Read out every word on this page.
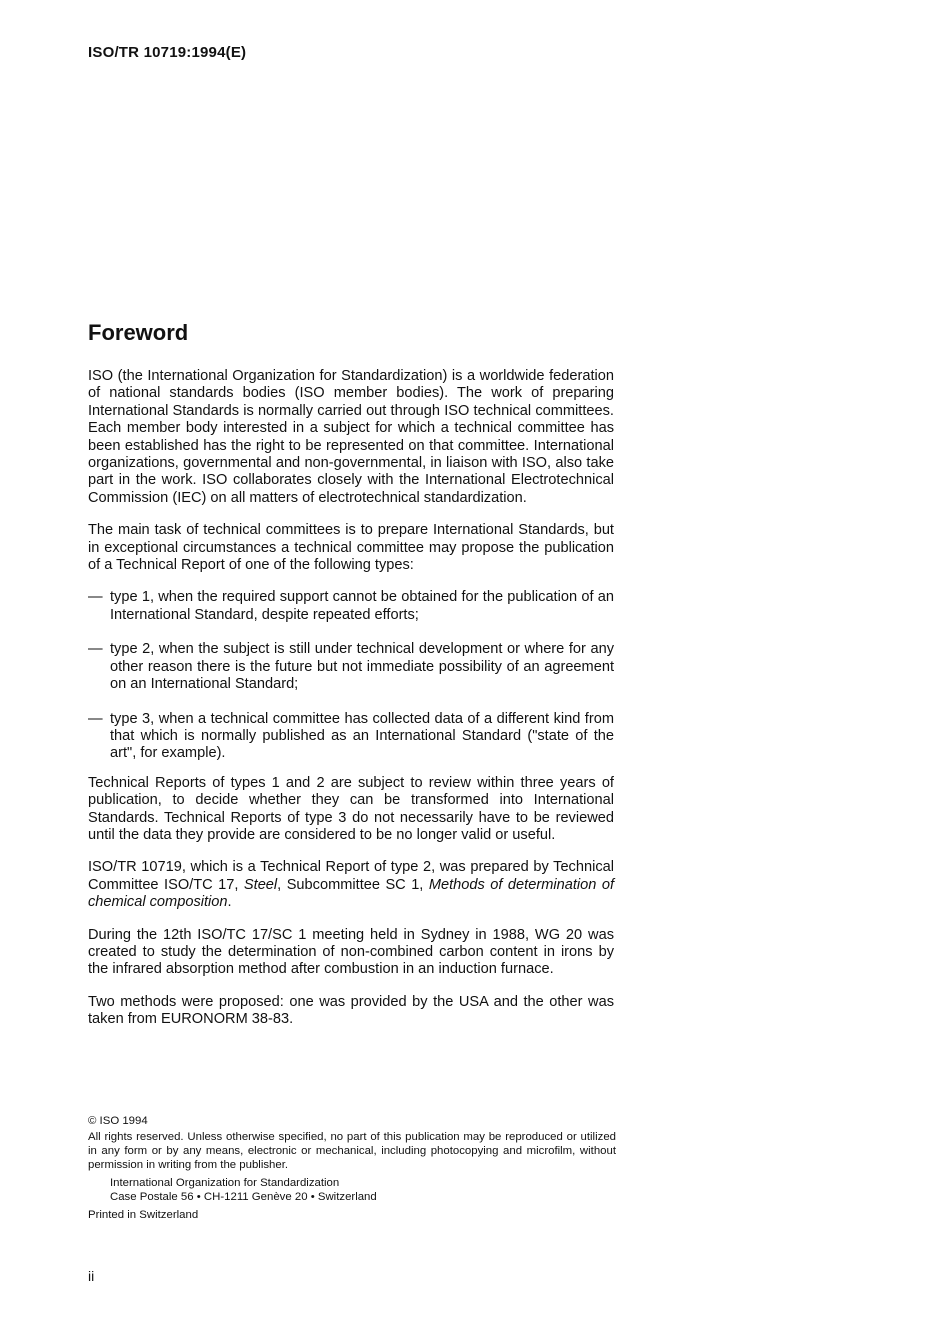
ISO/TR 10719:1994(E)
Foreword

ISO (the International Organization for Standardization) is a worldwide federation of national standards bodies (ISO member bodies). The work of preparing International Standards is normally carried out through ISO technical committees. Each member body interested in a subject for which a technical committee has been established has the right to be represented on that committee. International organizations, governmental and non-governmental, in liaison with ISO, also take part in the work. ISO collaborates closely with the International Electrotechnical Commission (IEC) on all matters of electrotechnical standardization.

The main task of technical committees is to prepare International Standards, but in exceptional circumstances a technical committee may propose the publication of a Technical Report of one of the following types:

— type 1, when the required support cannot be obtained for the publication of an International Standard, despite repeated efforts;
— type 2, when the subject is still under technical development or where for any other reason there is the future but not immediate possibility of an agreement on an International Standard;
— type 3, when a technical committee has collected data of a different kind from that which is normally published as an International Standard ("state of the art", for example).

Technical Reports of types 1 and 2 are subject to review within three years of publication, to decide whether they can be transformed into International Standards. Technical Reports of type 3 do not necessarily have to be reviewed until the data they provide are considered to be no longer valid or useful.

ISO/TR 10719, which is a Technical Report of type 2, was prepared by Technical Committee ISO/TC 17, Steel, Subcommittee SC 1, Methods of determination of chemical composition.

During the 12th ISO/TC 17/SC 1 meeting held in Sydney in 1988, WG 20 was created to study the determination of non-combined carbon content in irons by the infrared absorption method after combustion in an induction furnace.

Two methods were proposed: one was provided by the USA and the other was taken from EURONORM 38-83.

© ISO 1994
All rights reserved. Unless otherwise specified, no part of this publication may be reproduced or utilized in any form or by any means, electronic or mechanical, including photocopying and microfilm, without permission in writing from the publisher.
International Organization for Standardization
Case Postale 56 • CH-1211 Genève 20 • Switzerland
Printed in Switzerland
ii
